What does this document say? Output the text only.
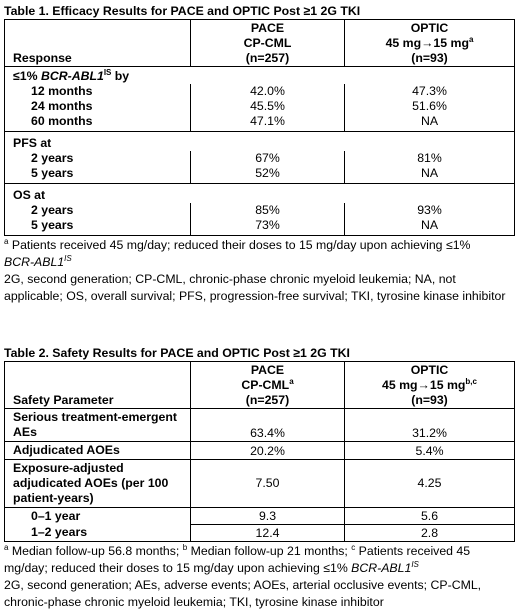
Table 1. Efficacy Results for PACE and OPTIC Post ≥1 2G TKI

Response	PACE
CP-CML
(n=257)	OPTIC
45 mg→15 $mg^a$
(n=93)
≤1% BCR-$ABL1^{IS}$ by		
12 months	42.0%	47.3%
24 months	45.5%	51.6%
60 months	47.1%	NA
PFS at		
2 years	67%	81%
5 years	52%	NA
OS at		
2 years	85%	93%
5 years	73%	NA

$^a$ Patients received 45 mg/day; reduced their doses to 15 mg/day upon achieving ≤1%
BCR-$ABL1^{IS}$

2G, second generation; CP-CML, chronic-phase chronic myeloid leukemia; NA, not applicable; OS, overall survival; PFS, progression-free survival; TKI, tyrosine kinase inhibitor

Table 2. Safety Results for PACE and OPTIC Post ≥1 2G TKI

Safety Parameter	PACE
CP-CML$^a$
(n=257)	OPTIC
45 mg→15 mg$^{b,c}$
(n=93)
Serious treatment-emergent AEs	63.4%	31.2%
Adjudicated AOEs	20.2%	5.4%
Exposure-adjusted adjudicated AOEs (per 100 patient-years)	7.50	4.25
0–1 year	9.3	5.6
1–2 years	12.4	2.8

$^a$ Median follow-up 56.8 months; $^b$ Median follow-up 21 months; $^c$ Patients received 45 mg/day; reduced their doses to 15 mg/day upon achieving ≤1% BCR-$ABL1^{IS}$

2G, second generation; AEs, adverse events; AOEs, arterial occlusive events; CP-CML, chronic-phase chronic myeloid leukemia; TKI, tyrosine kinase inhibitor
